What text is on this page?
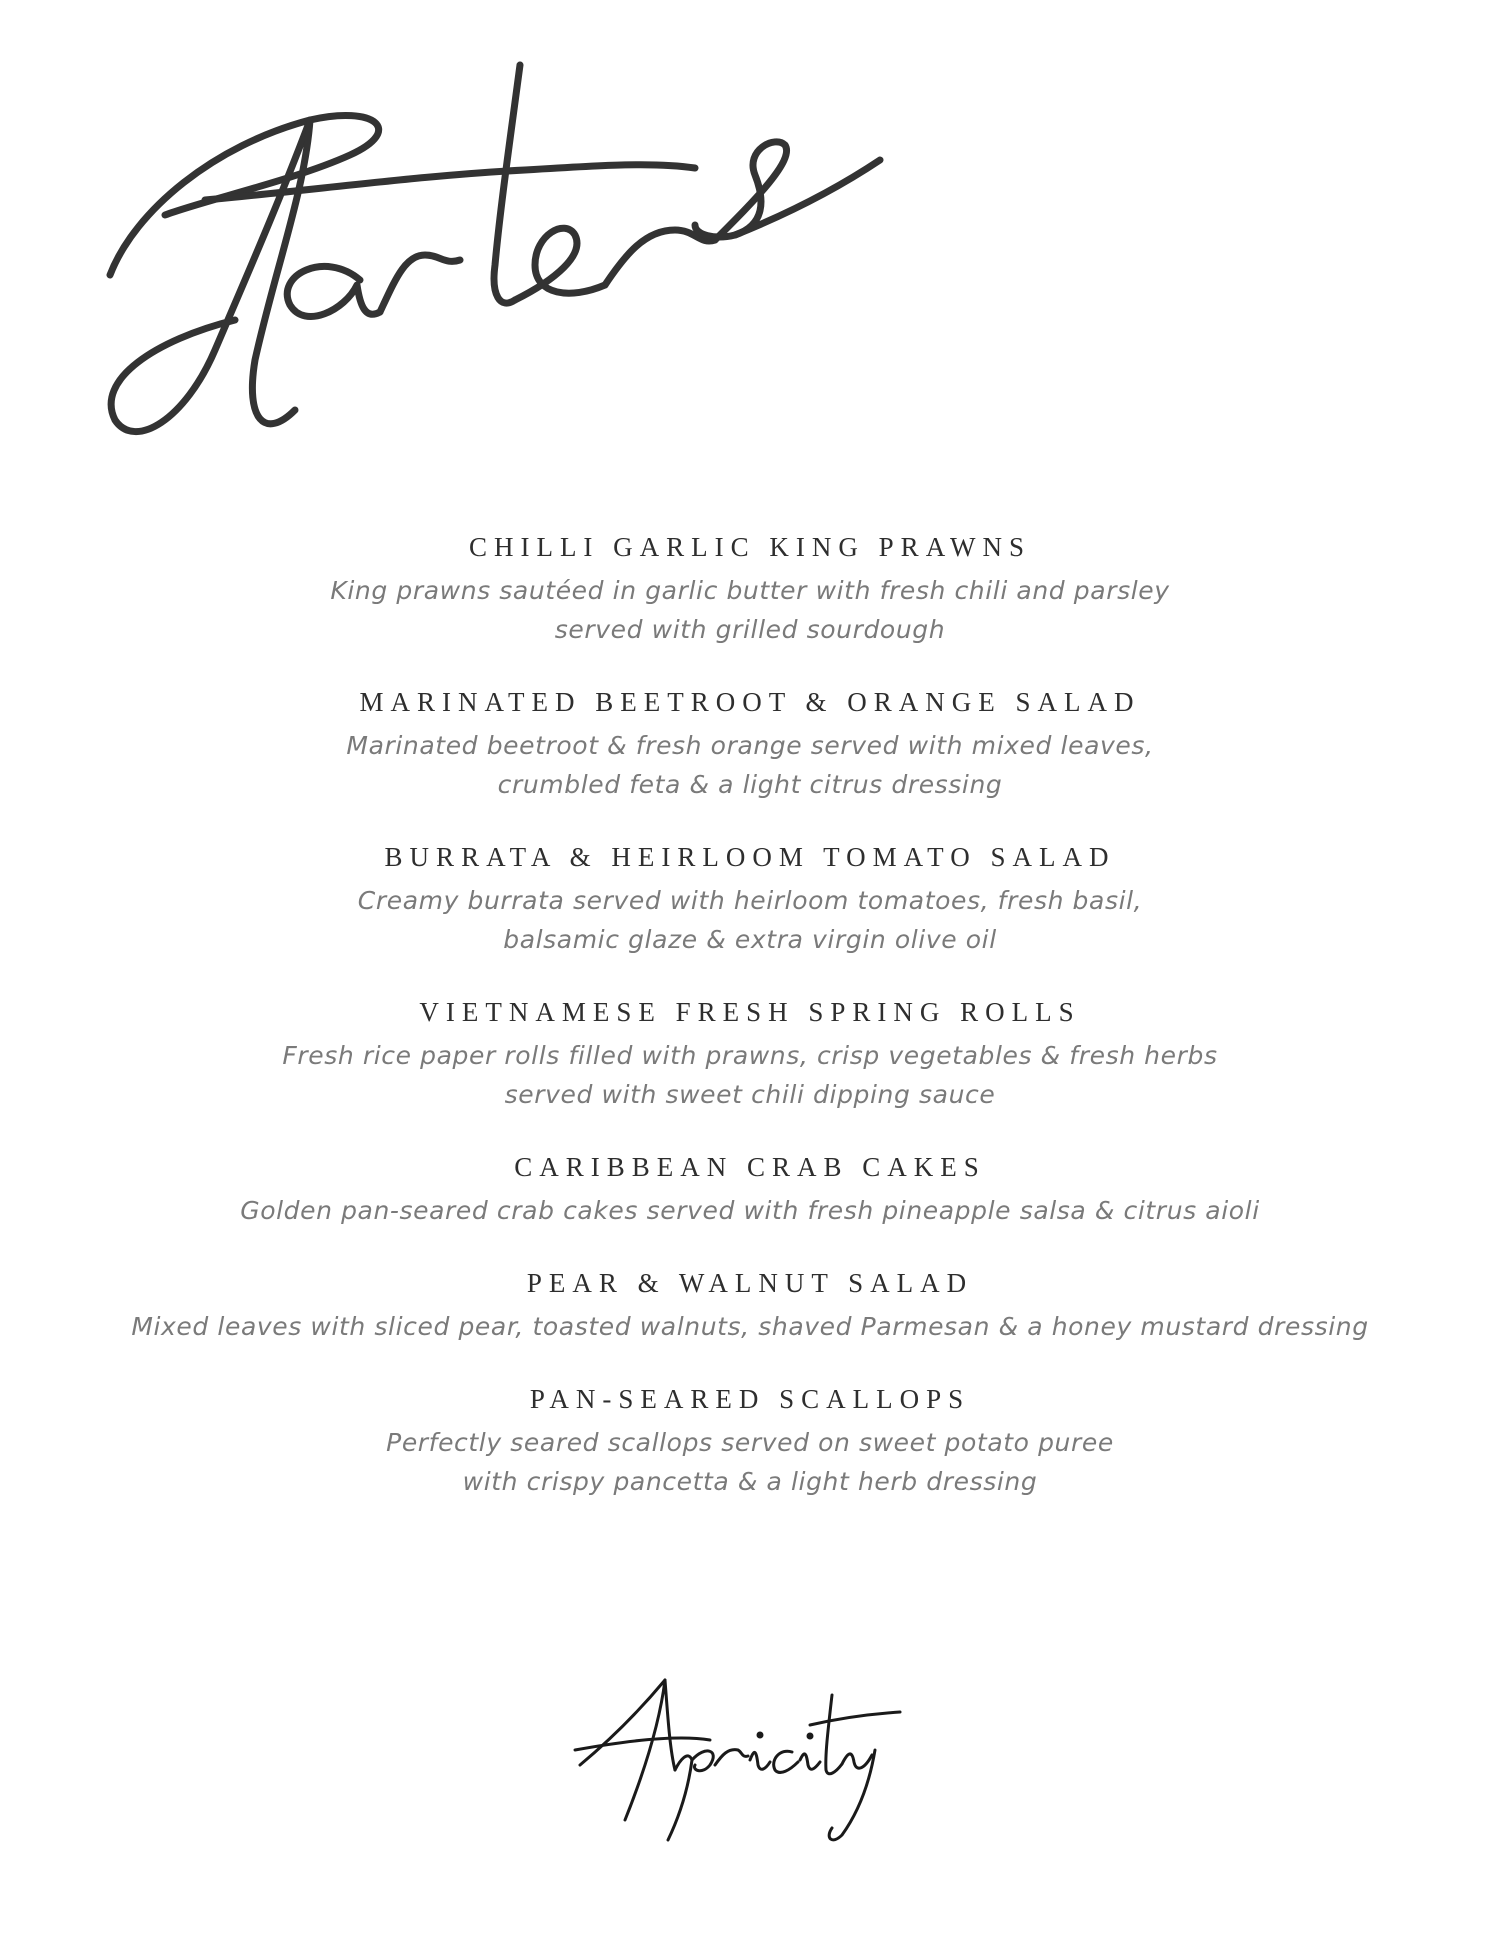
CHILLI GARLIC KING PRAWNS

King prawns sautéed in garlic butter with fresh chili and parsley
served with grilled sourdough

MARINATED BEETROOT & ORANGE SALAD

Marinated beetroot & fresh orange served with mixed leaves,
crumbled feta & a light citrus dressing

BURRATA & HEIRLOOM TOMATO SALAD

Creamy burrata served with heirloom tomatoes, fresh basil,
balsamic glaze & extra virgin olive oil

VIETNAMESE FRESH SPRING ROLLS

Fresh rice paper rolls filled with prawns, crisp vegetables & fresh herbs
served with sweet chili dipping sauce

CARIBBEAN CRAB CAKES

Golden pan-seared crab cakes served with fresh pineapple salsa & citrus aioli

PEAR & WALNUT SALAD

Mixed leaves with sliced pear, toasted walnuts, shaved Parmesan & a honey mustard dressing

PAN-SEARED SCALLOPS

Perfectly seared scallops served on sweet potato puree
with crispy pancetta & a light herb dressing
